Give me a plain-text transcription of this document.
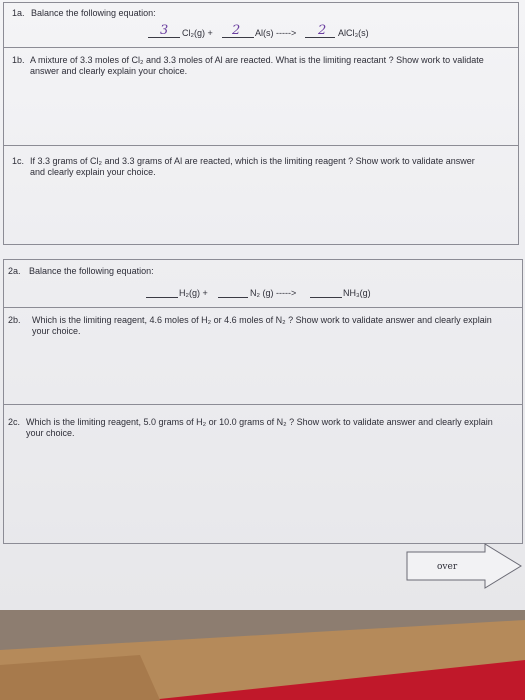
1a. Balance the following equation:
3 Cl₂(g) + 2 Al(s) -----> 2 AlCl₃(s)
1b. A mixture of 3.3 moles of Cl₂ and 3.3 moles of Al are reacted. What is the limiting reactant ? Show work to validate answer and clearly explain your choice.
1c. If 3.3 grams of Cl₂ and 3.3 grams of Al are reacted, which is the limiting reagent ? Show work to validate answer and clearly explain your choice.
2a. Balance the following equation:
H₂(g) +	N₂ (g) ----->	NH₃(g)
2b. Which is the limiting reagent, 4.6 moles of H₂ or 4.6 moles of N₂ ? Show work to validate answer and clearly explain your choice.
2c. Which is the limiting reagent, 5.0 grams of H₂ or 10.0 grams of N₂ ? Show work to validate answer and clearly explain your choice.
over
